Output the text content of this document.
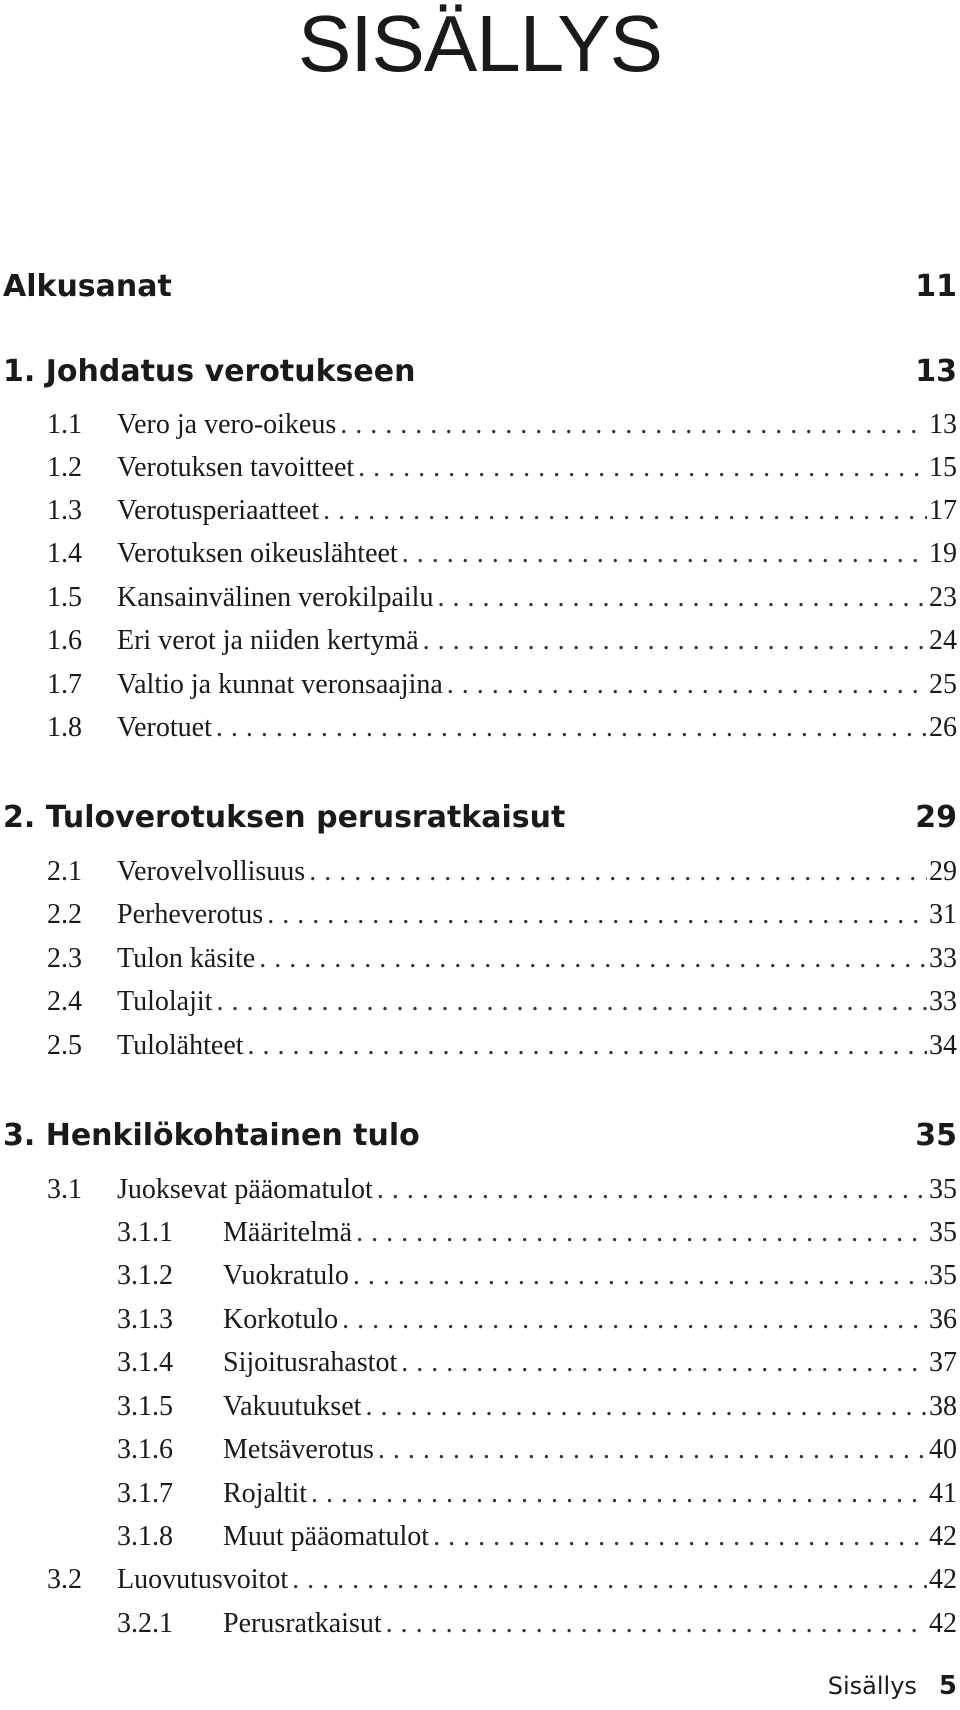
SISÄLLYS
Alkusanat	11
1. Johdatus verotukseen	13
1.1	Vero ja vero-oikeus . . .	13
1.2	Verotuksen tavoitteet . . .	15
1.3	Verotusperiaatteet . . .	17
1.4	Verotuksen oikeuslähteet . . .	19
1.5	Kansainvälinen verokilpailu . . .	23
1.6	Eri verot ja niiden kertymä . . .	24
1.7	Valtio ja kunnat veronsaajina . . .	25
1.8	Verotuet . . .	26
2. Tuloverotuksen perusratkaisut	29
2.1	Verovelvollisuus . . .	29
2.2	Perheverotus . . .	31
2.3	Tulon käsite . . .	33
2.4	Tulolajit . . .	33
2.5	Tulolähteet . . .	34
3. Henkilökohtainen tulo	35
3.1	Juoksevat pääomatulot . . .	35
3.1.1	Määritelmä . . .	35
3.1.2	Vuokratulo . . .	35
3.1.3	Korkotulo . . .	36
3.1.4	Sijoitusrahastot . . .	37
3.1.5	Vakuutukset . . .	38
3.1.6	Metsäverotus . . .	40
3.1.7	Rojaltit . . .	41
3.1.8	Muut pääomatulot . . .	42
3.2	Luovutusvoitot . . .	42
3.2.1	Perusratkaisut . . .	42
Sisällys 5
